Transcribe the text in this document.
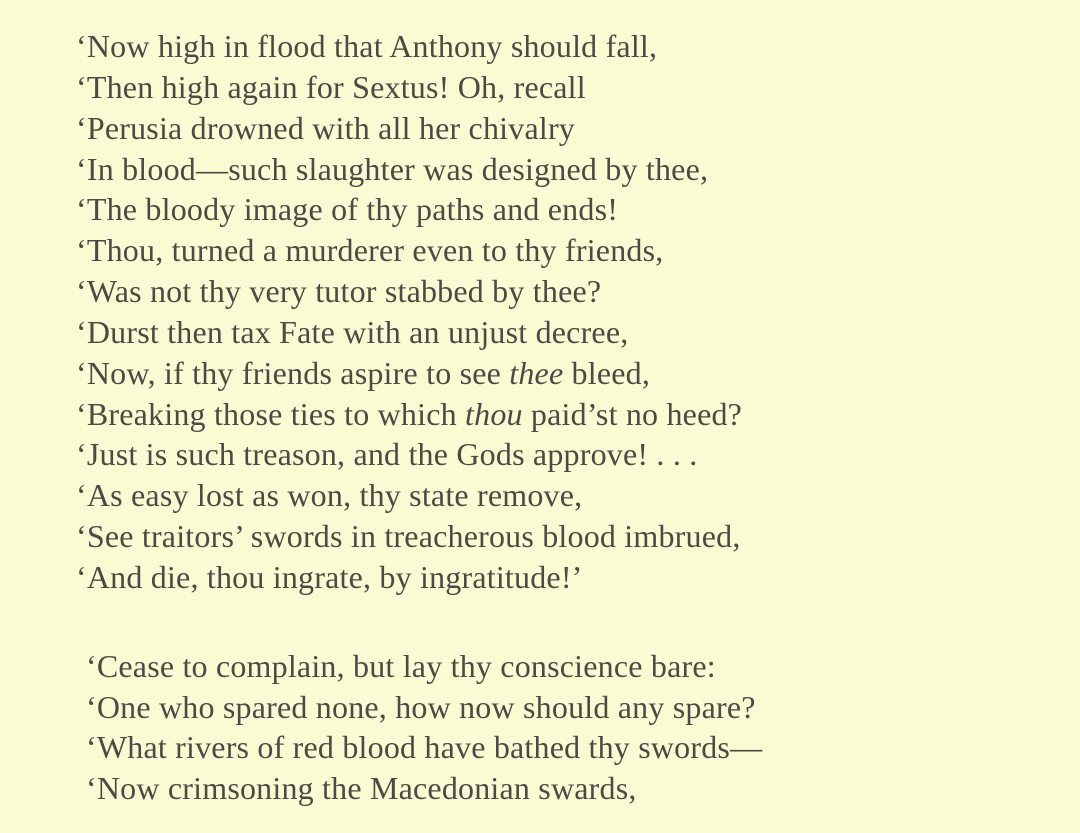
‘Now high in flood that Anthony should fall,
‘Then high again for Sextus! Oh, recall
‘Perusia drowned with all her chivalry
‘In blood—such slaughter was designed by thee,
‘The bloody image of thy paths and ends!
‘Thou, turned a murderer even to thy friends,
‘Was not thy very tutor stabbed by thee?
‘Durst then tax Fate with an unjust decree,
‘Now, if thy friends aspire to see thee bleed,
‘Breaking those ties to which thou paid’st no heed?
‘Just is such treason, and the Gods approve! . . .
‘As easy lost as won, thy state remove,
‘See traitors’ swords in treacherous blood imbrued,
‘And die, thou ingrate, by ingratitude!’
‘Cease to complain, but lay thy conscience bare:
‘One who spared none, how now should any spare?
‘What rivers of red blood have bathed thy swords—
‘Now crimsoning the Macedonian swards,
